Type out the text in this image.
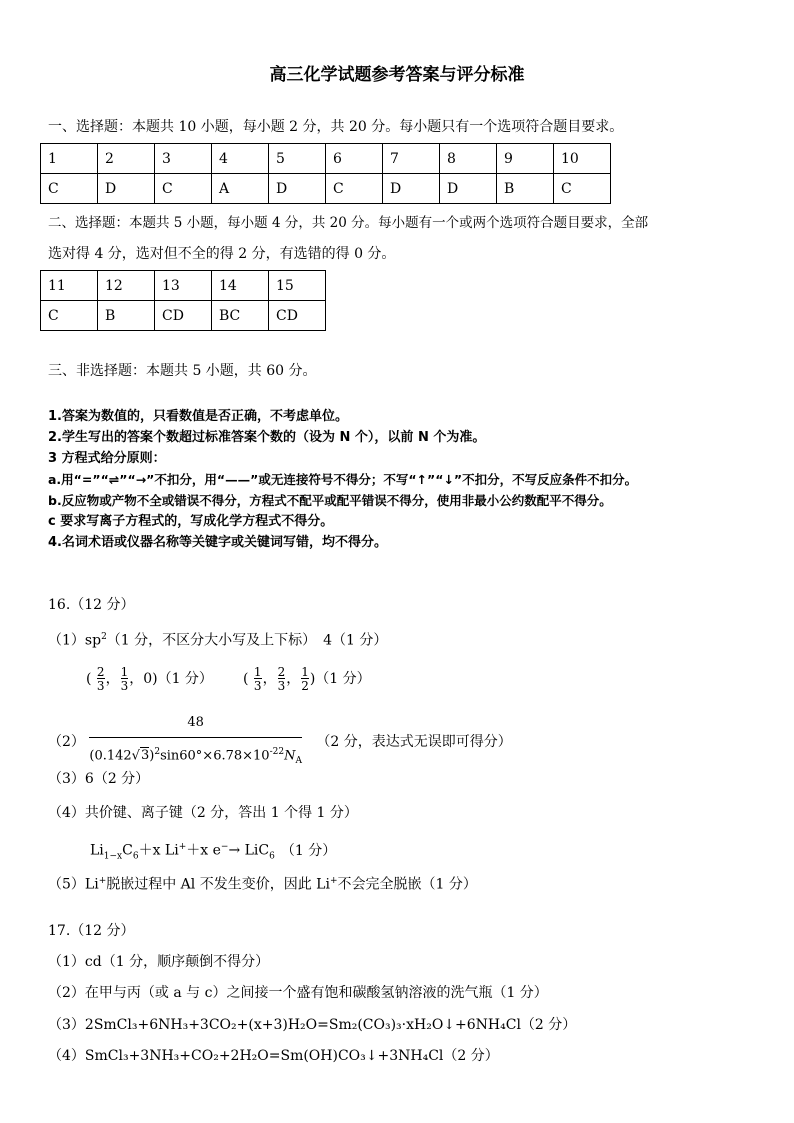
高三化学试题参考答案与评分标准
一、选择题：本题共 10 小题，每小题 2 分，共 20 分。每小题只有一个选项符合题目要求。
1	2	3	4	5	6	7	8	9	10
C	D	C	A	D	C	D	D	B	C
二、选择题：本题共 5 小题，每小题 4 分，共 20 分。每小题有一个或两个选项符合题目要求，全部
选对得 4 分，选对但不全的得 2 分，有选错的得 0 分。
11	12	13	14	15
C	B	CD	BC	CD
三、非选择题：本题共 5 小题，共 60 分。
1.答案为数值的，只看数值是否正确，不考虑单位。
2.学生写出的答案个数超过标准答案个数的（设为 N 个），以前 N 个为准。
3 方程式给分原则：
a.用“=”“⇌”“→”不扣分，用“——”或无连接符号不得分；不写“↑”“↓”不扣分，不写反应条件不扣分。
b.反应物或产物不全或错误不得分，方程式不配平或配平错误不得分，使用非最小公约数配平不得分。
c 要求写离子方程式的，写成化学方程式不得分。
4.名词术语或仪器名称等关键字或关键词写错，均不得分。
16.（12 分）
$(1)sp^2(1$ 分，不区分大小写及上下标）　4（1 分）
( $\frac{2}{3}$ ， $\frac{1}{3}$ ，0)（1 分） ( $\frac{1}{3}$ ， $\frac{2}{3}$ ， $\frac{1}{2} )(1$ 分）
$(2) \frac{48}{(0.142√3)^2\sin 60^\circ\times 6.78\times 10^{-22}N_A} (2$ 分，表达式无误即可得分）
（3）6（2 分）
（4）共价键、离子键（2 分，答出 1 个得 1 分）
$Li_{1-x}C_6+x$ Li+＋x e−→ LiC$_6$ （1 分）
（5）Li+脱嵌过程中 Al 不发生变价，因此 Li+不会完全脱嵌（1 分）
17.（12 分）
（1）cd（1 分，顺序颠倒不得分）
（2）在甲与丙（或 a 与 c）之间接一个盛有饱和碳酸氢钠溶液的洗气瓶（1 分）
（3）2SmCl₃+6NH₃+3CO₂+(x+3)H₂O=Sm₂(CO₃)₃·xH₂O↓+6NH₄Cl（2 分）
（4）SmCl₃+3NH₃+CO₂+2H₂O=Sm(OH)CO₃↓+3NH₄Cl（2 分）
